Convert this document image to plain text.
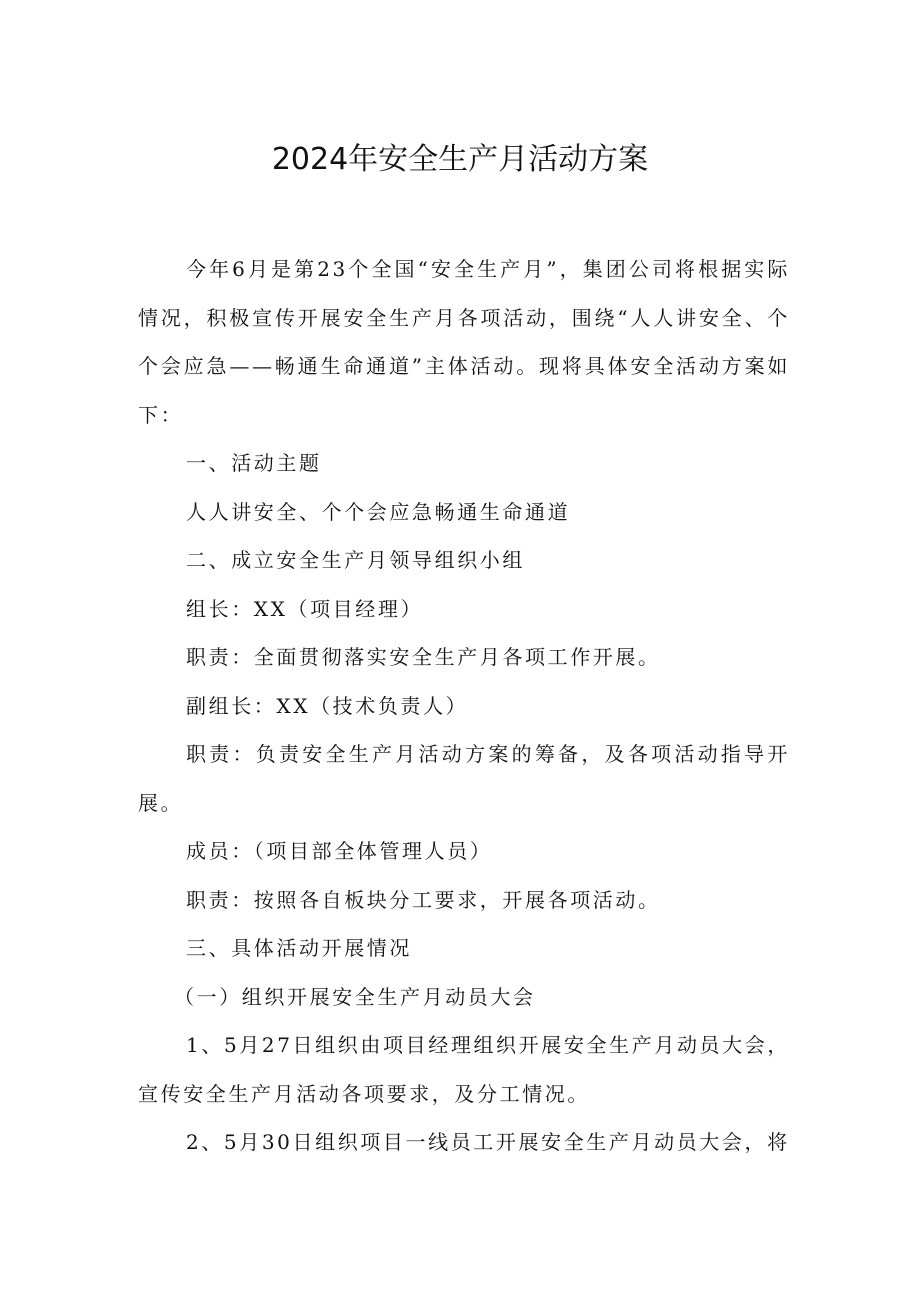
2024年安全生产月活动方案

今年6月是第23个全国“安全生产月”，集团公司将根据实际情况，积极宣传开展安全生产月各项活动，围绕“人人讲安全、个个会应急——畅通生命通道”主体活动。现将具体安全活动方案如下：

一、活动主题

人人讲安全、个个会应急畅通生命通道

二、成立安全生产月领导组织小组

组长：XX（项目经理）

职责：全面贯彻落实安全生产月各项工作开展。

副组长：XX（技术负责人）

职责：负责安全生产月活动方案的筹备，及各项活动指导开展。

成员：（项目部全体管理人员）

职责：按照各自板块分工要求，开展各项活动。

三、具体活动开展情况

（一）组织开展安全生产月动员大会

1、5月27日组织由项目经理组织开展安全生产月动员大会，宣传安全生产月活动各项要求，及分工情况。

2、5月30日组织项目一线员工开展安全生产月动员大会，将
